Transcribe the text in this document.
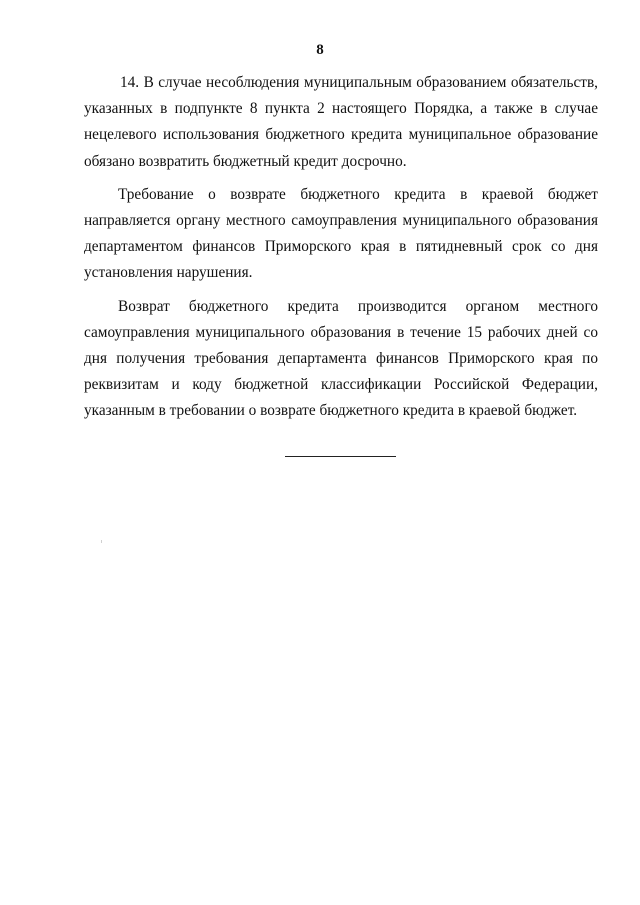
8

14. В случае несоблюдения муниципальным образованием обязательств, указанных в подпункте 8 пункта 2 настоящего Порядка, а также в случае нецелевого использования бюджетного кредита муниципальное образование обязано возвратить бюджетный кредит досрочно.

Требование о возврате бюджетного кредита в краевой бюджет направляется органу местного самоуправления муниципального образования департаментом финансов Приморского края в пятидневный срок со дня установления нарушения.

Возврат бюджетного кредита производится органом местного самоуправления муниципального образования в течение 15 рабочих дней со дня получения требования департамента финансов Приморского края по реквизитам и коду бюджетной классификации Российской Федерации, указанным в требовании о возврате бюджетного кредита в краевой бюджет.
